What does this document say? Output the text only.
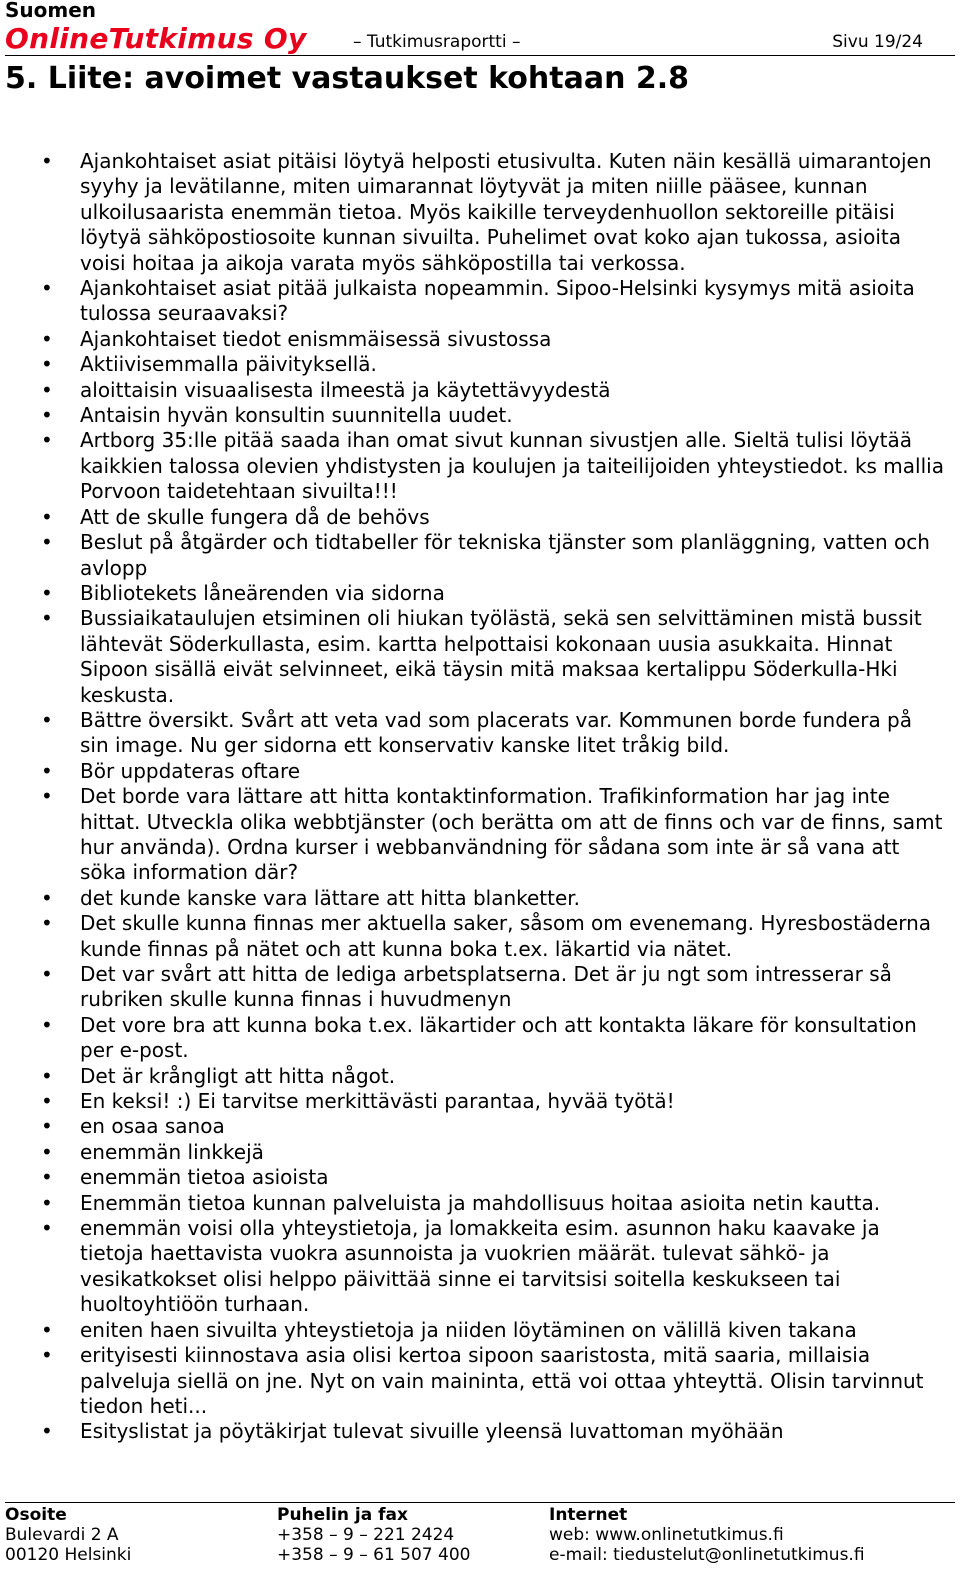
Suomen
OnlineTutkimus Oy	– Tutkimusraportti –	Sivu 19/24
5. Liite: avoimet vastaukset kohtaan 2.8
• Ajankohtaiset asiat pitäisi löytyä helposti etusivulta. Kuten näin kesällä uimarantojen syyhy ja levätilanne, miten uimarannat löytyvät ja miten niille pääsee, kunnan ulkoilusaarista enemmän tietoa. Myös kaikille terveydenhuollon sektoreille pitäisi löytyä sähköpostiosoite kunnan sivuilta. Puhelimet ovat koko ajan tukossa, asioita voisi hoitaa ja aikoja varata myös sähköpostilla tai verkossa.
• Ajankohtaiset asiat pitää julkaista nopeammin. Sipoo-Helsinki kysymys mitä asioita tulossa seuraavaksi?
• Ajankohtaiset tiedot enismmäisessä sivustossa
• Aktiivisemmalla päivityksellä.
• aloittaisin visuaalisesta ilmeestä ja käytettävyydestä
• Antaisin hyvän konsultin suunnitella uudet.
• Artborg 35:lle pitää saada ihan omat sivut kunnan sivustjen alle. Sieltä tulisi löytää kaikkien talossa olevien yhdistysten ja koulujen ja taiteilijoiden yhteystiedot. ks mallia Porvoon taidetehtaan sivuilta!!!
• Att de skulle fungera då de behövs
• Beslut på åtgärder och tidtabeller för tekniska tjänster som planläggning, vatten och avlopp
• Bibliotekets låneärenden via sidorna
• Bussiaikataulujen etsiminen oli hiukan työlästä, sekä sen selvittäminen mistä bussit lähtevät Söderkullasta, esim. kartta helpottaisi kokonaan uusia asukkaita. Hinnat Sipoon sisällä eivät selvinneet, eikä täysin mitä maksaa kertalippu Söderkulla-Hki keskusta.
• Bättre översikt. Svårt att veta vad som placerats var. Kommunen borde fundera på sin image. Nu ger sidorna ett konservativ kanske litet tråkig bild.
• Bör uppdateras oftare
• Det borde vara lättare att hitta kontaktinformation. Trafikinformation har jag inte hittat. Utveckla olika webbtjänster (och berätta om att de finns och var de finns, samt hur använda). Ordna kurser i webbanvändning för sådana som inte är så vana att söka information där?
• det kunde kanske vara lättare att hitta blanketter.
• Det skulle kunna finnas mer aktuella saker, såsom om evenemang. Hyresbostäderna kunde finnas på nätet och att kunna boka t.ex. läkartid via nätet.
• Det var svårt att hitta de lediga arbetsplatserna. Det är ju ngt som intresserar så rubriken skulle kunna finnas i huvudmenyn
• Det vore bra att kunna boka t.ex. läkartider och att kontakta läkare för konsultation per e-post.
• Det är krångligt att hitta något.
• En keksi! :) Ei tarvitse merkittävästi parantaa, hyvää työtä!
• en osaa sanoa
• enemmän linkkejä
• enemmän tietoa asioista
• Enemmän tietoa kunnan palveluista ja mahdollisuus hoitaa asioita netin kautta.
• enemmän voisi olla yhteystietoja, ja lomakkeita esim. asunnon haku kaavake ja tietoja haettavista vuokra asunnoista ja vuokrien määrät. tulevat sähkö- ja vesikatkokset olisi helppo päivittää sinne ei tarvitsisi soitella keskukseen tai huoltoyhtiöön turhaan.
• eniten haen sivuilta yhteystietoja ja niiden löytäminen on välillä kiven takana
• erityisesti kiinnostava asia olisi kertoa sipoon saaristosta, mitä saaria, millaisia palveluja siellä on jne. Nyt on vain maininta, että voi ottaa yhteyttä. Olisin tarvinnut tiedon heti...
• Esityslistat ja pöytäkirjat tulevat sivuille yleensä luvattoman myöhään
Osoite
Bulevardi 2 A
00120 Helsinki
Puhelin ja fax
+358 – 9 – 221 2424
+358 – 9 – 61 507 400
Internet
web: www.onlinetutkimus.fi
e-mail: tiedustelut@onlinetutkimus.fi
